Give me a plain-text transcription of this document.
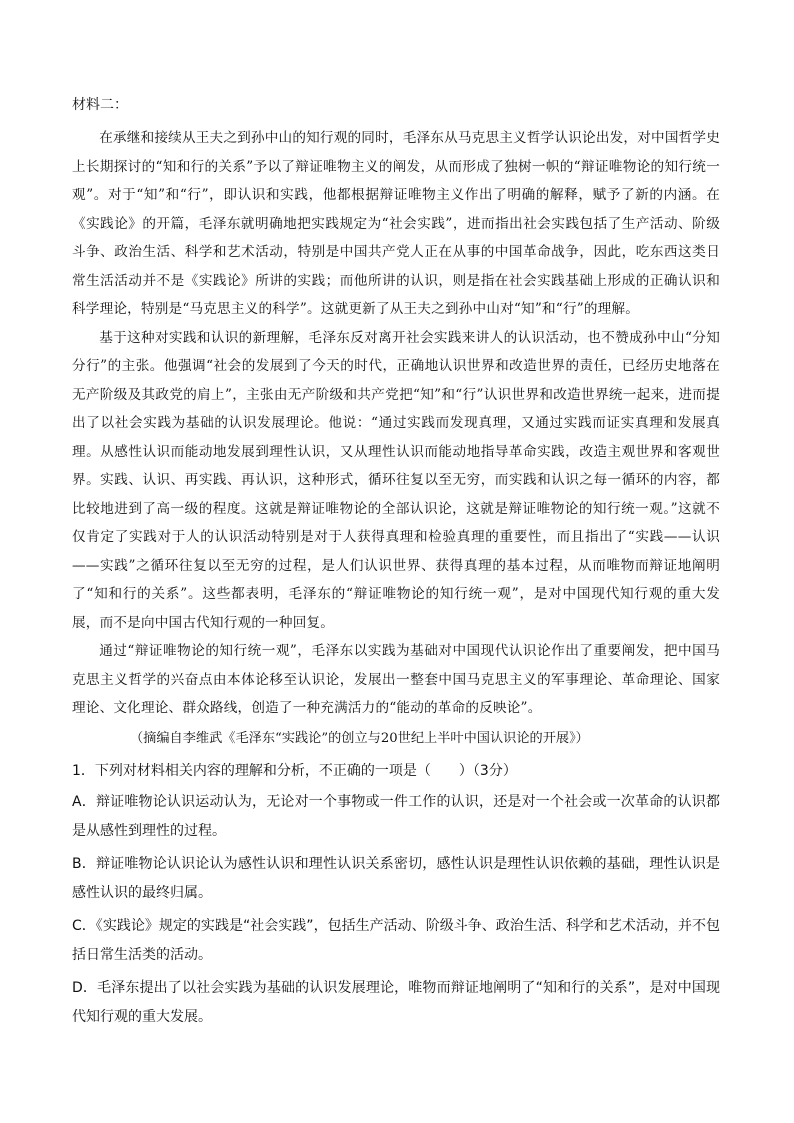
材料二：

在承继和接续从王夫之到孙中山的知行观的同时，毛泽东从马克思主义哲学认识论出发，对中国哲学史上长期探讨的“知和行的关系”予以了辩证唯物主义的阐发，从而形成了独树一帜的“辩证唯物论的知行统一观”。对于“知”和“行”，即认识和实践，他都根据辩证唯物主义作出了明确的解释，赋予了新的内涵。在《实践论》的开篇，毛泽东就明确地把实践规定为“社会实践”，进而指出社会实践包括了生产活动、阶级斗争、政治生活、科学和艺术活动，特别是中国共产党人正在从事的中国革命战争，因此，吃东西这类日常生活活动并不是《实践论》所讲的实践；而他所讲的认识，则是指在社会实践基础上形成的正确认识和科学理论，特别是“马克思主义的科学”。这就更新了从王夫之到孙中山对“知”和“行”的理解。

基于这种对实践和认识的新理解，毛泽东反对离开社会实践来讲人的认识活动，也不赞成孙中山“分知分行”的主张。他强调“社会的发展到了今天的时代，正确地认识世界和改造世界的责任，已经历史地落在无产阶级及其政党的肩上”，主张由无产阶级和共产党把“知”和“行”认识世界和改造世界统一起来，进而提出了以社会实践为基础的认识发展理论。他说：“通过实践而发现真理，又通过实践而证实真理和发展真理。从感性认识而能动地发展到理性认识，又从理性认识而能动地指导革命实践，改造主观世界和客观世界。实践、认识、再实践、再认识，这种形式，循环往复以至无穷，而实践和认识之每一循环的内容，都比较地进到了高一级的程度。这就是辩证唯物论的全部认识论，这就是辩证唯物论的知行统一观。”这就不仅肯定了实践对于人的认识活动特别是对于人获得真理和检验真理的重要性，而且指出了“实践——认识——实践”之循环往复以至无穷的过程，是人们认识世界、获得真理的基本过程，从而唯物而辩证地阐明了“知和行的关系”。这些都表明，毛泽东的“辩证唯物论的知行统一观”，是对中国现代知行观的重大发展，而不是向中国古代知行观的一种回复。

通过“辩证唯物论的知行统一观”，毛泽东以实践为基础对中国现代认识论作出了重要阐发，把中国马克思主义哲学的兴奋点由本体论移至认识论，发展出一整套中国马克思主义的军事理论、革命理论、国家理论、文化理论、群众路线，创造了一种充满活力的“能动的革命的反映论”。

（摘编自李维武《毛泽东“实践论”的创立与20世纪上半叶中国认识论的开展》）

1．下列对材料相关内容的理解和分析，不正确的一项是（　　）（3分）

A．辩证唯物论认识运动认为，无论对一个事物或一件工作的认识，还是对一个社会或一次革命的认识都是从感性到理性的过程。

B．辩证唯物论认识论认为感性认识和理性认识关系密切，感性认识是理性认识依赖的基础，理性认识是感性认识的最终归属。

C．《实践论》规定的实践是“社会实践”，包括生产活动、阶级斗争、政治生活、科学和艺术活动，并不包括日常生活类的活动。

D．毛泽东提出了以社会实践为基础的认识发展理论，唯物而辩证地阐明了“知和行的关系”，是对中国现代知行观的重大发展。
